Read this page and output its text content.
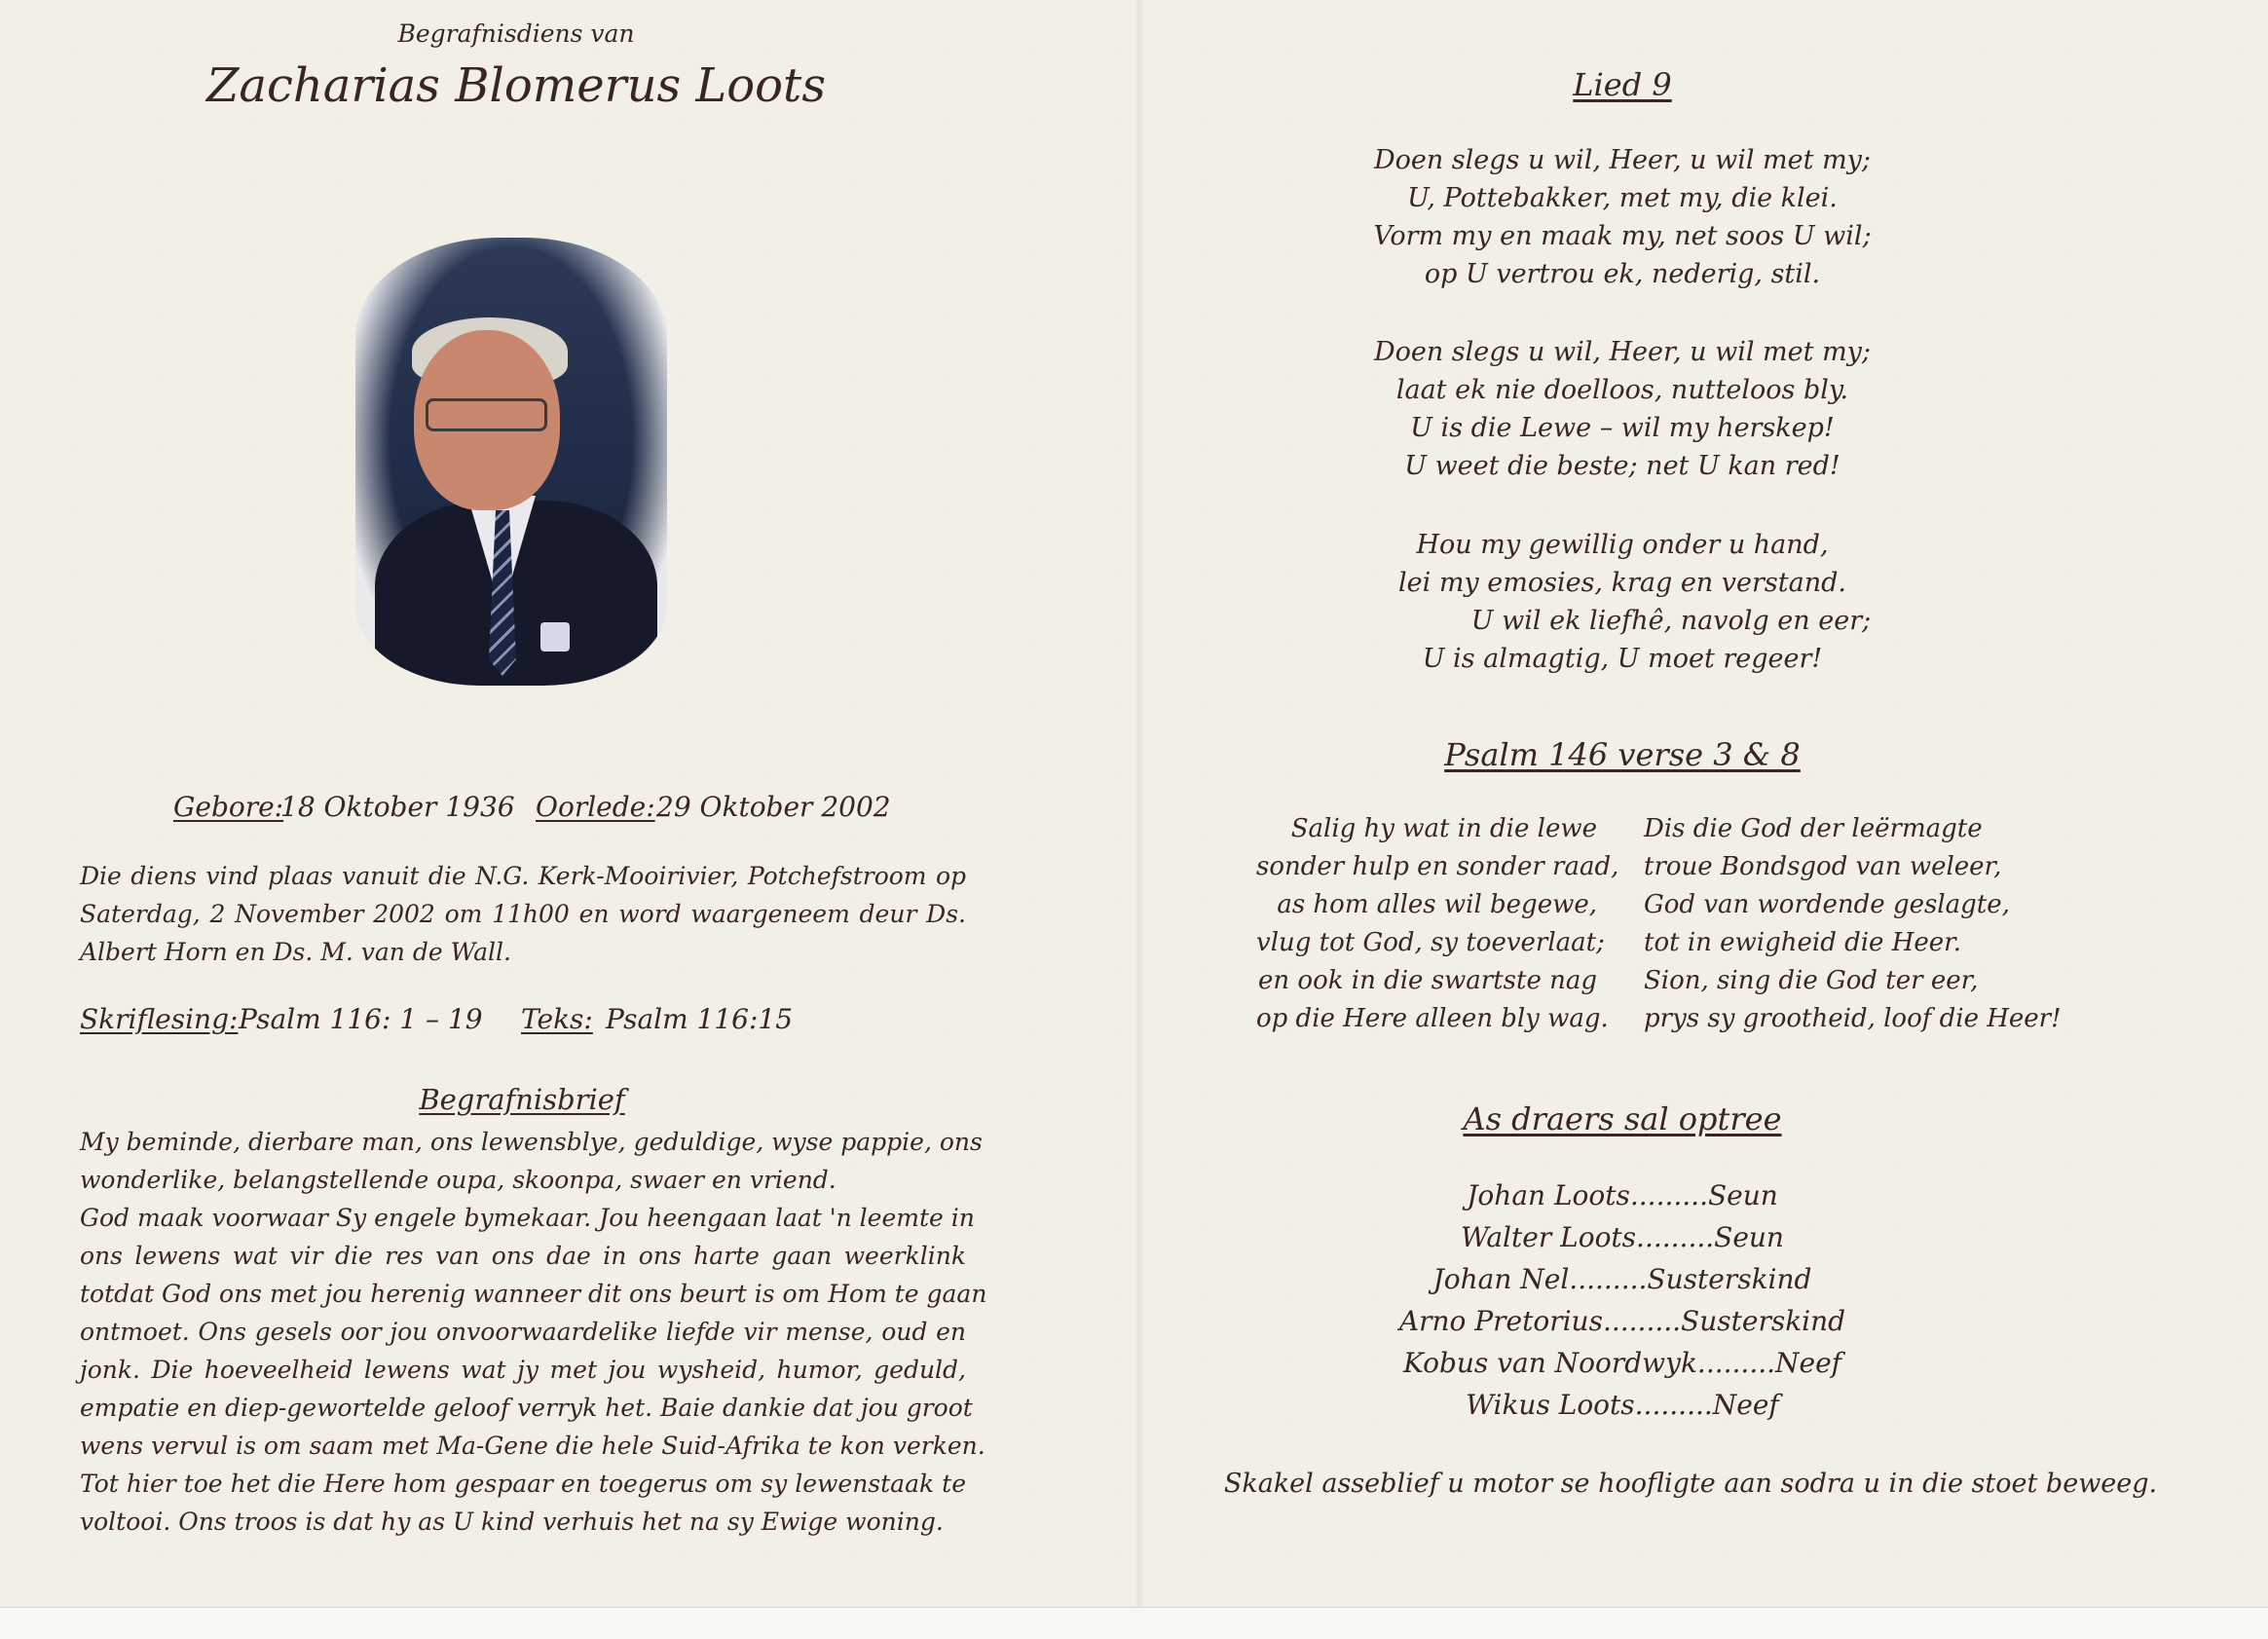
Begrafnisdiens van

Zacharias Blomerus Loots

Gebore:

18 Oktober 1936 Oorlede: 29 Oktober 2002

Die diens vind plaas vanuit die N.G. Kerk-Mooirivier, Potchefstroom op Saterdag, 2 November 2002 om 11h00 en word waargeneem deur Ds. Albert Horn en Ds. M. van de Wall.

Skriflesing: Psalm 116: 1 – 19 Teks: Psalm 116:15

Begrafnisbrief

My beminde, dierbare man, ons lewensblye, geduldige, wyse pappie, ons

wonderlike, belangstellende oupa, skoonpa, swaer en vriend.

God maak voorwaar Sy engele bymekaar. Jou heengaan laat 'n leemte in

ons lewens wat vir die res van ons dae in ons harte gaan weerklink

totdat God ons met jou herenig wanneer dit ons beurt is om Hom te gaan

ontmoet. Ons gesels oor jou onvoorwaardelike liefde vir mense, oud en

jonk. Die hoeveelheid lewens wat jy met jou wysheid, humor, geduld,

empatie en diep-gewortelde geloof verryk het. Baie dankie dat jou groot

wens vervul is om saam met Ma-Gene die hele Suid-Afrika te kon verken.

Tot hier toe het die Here hom gespaar en toegerus om sy lewenstaak te

voltooi. Ons troos is dat hy as U kind verhuis het na sy Ewige woning.

Lied 9

Doen slegs u wil, Heer, u wil met my;

U, Pottebakker, met my, die klei.

Vorm my en maak my, net soos U wil;

op U vertrou ek, nederig, stil.

Doen slegs u wil, Heer, u wil met my;

laat ek nie doelloos, nutteloos bly.

U is die Lewe – wil my herskep!

U weet die beste; net U kan red!

Hou my gewillig onder u hand,

lei my emosies, krag en verstand.

U wil ek liefhê, navolg en eer;

U is almagtig, U moet regeer!

Psalm 146 verse 3 & 8

Salig hy wat in die lewe

sonder hulp en sonder raad,

as hom alles wil begewe,

vlug tot God, sy toeverlaat;

en ook in die swartste nag

op die Here alleen bly wag.

Dis die God der leërmagte

troue Bondsgod van weleer,

God van wordende geslagte,

tot in ewigheid die Heer.

Sion, sing die God ter eer,

prys sy grootheid, loof die Heer!

As draers sal optree

Johan Loots.........Seun

Walter Loots.........Seun

Johan Nel.........Susterskind

Arno Pretorius.........Susterskind

Kobus van Noordwyk.........Neef

Wikus Loots.........Neef

Skakel asseblief u motor se hoofligte aan sodra u in die stoet beweeg.
